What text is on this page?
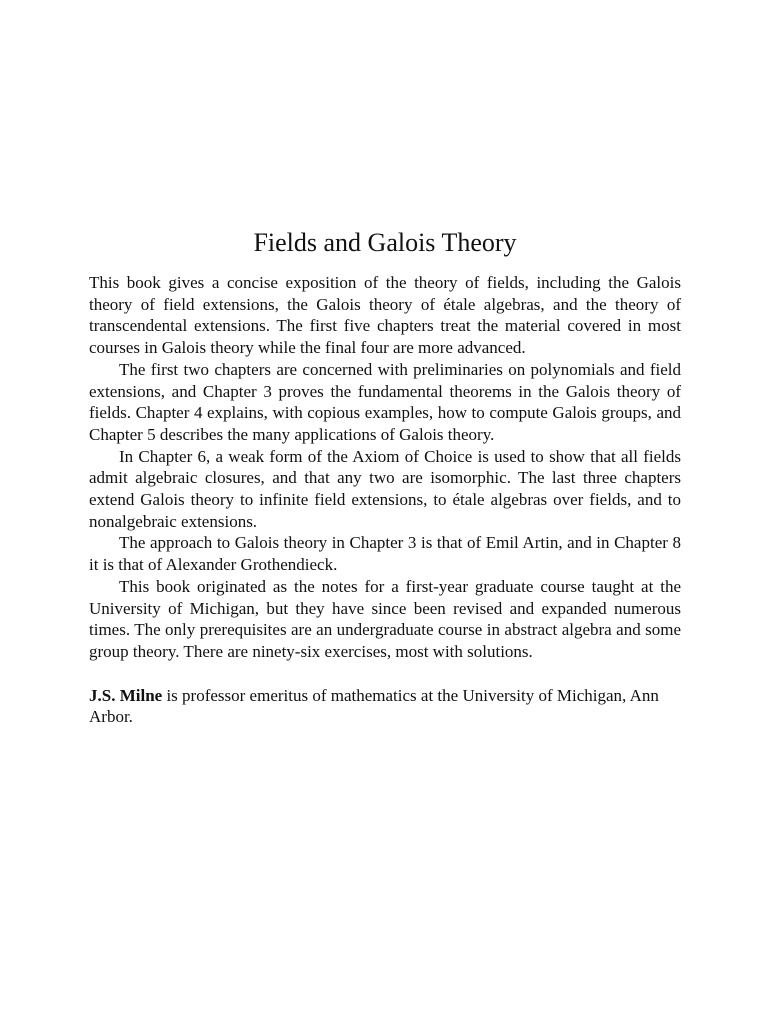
Fields and Galois Theory

This book gives a concise exposition of the theory of fields, including the Galois theory of field extensions, the Galois theory of étale algebras, and the theory of transcendental extensions. The first five chapters treat the material covered in most courses in Galois theory while the final four are more advanced.

The first two chapters are concerned with preliminaries on polynomials and field extensions, and Chapter 3 proves the fundamental theorems in the Galois theory of fields. Chapter 4 explains, with copious examples, how to compute Galois groups, and Chapter 5 describes the many applications of Galois theory.

In Chapter 6, a weak form of the Axiom of Choice is used to show that all fields admit algebraic closures, and that any two are isomorphic. The last three chapters extend Galois theory to infinite field extensions, to étale algebras over fields, and to nonalgebraic extensions.

The approach to Galois theory in Chapter 3 is that of Emil Artin, and in Chapter 8 it is that of Alexander Grothendieck.

This book originated as the notes for a first-year graduate course taught at the University of Michigan, but they have since been revised and expanded numerous times. The only prerequisites are an undergraduate course in abstract algebra and some group theory. There are ninety-six exercises, most with solutions.

J.S. Milne is professor emeritus of mathematics at the University of Michigan, Ann Arbor.
